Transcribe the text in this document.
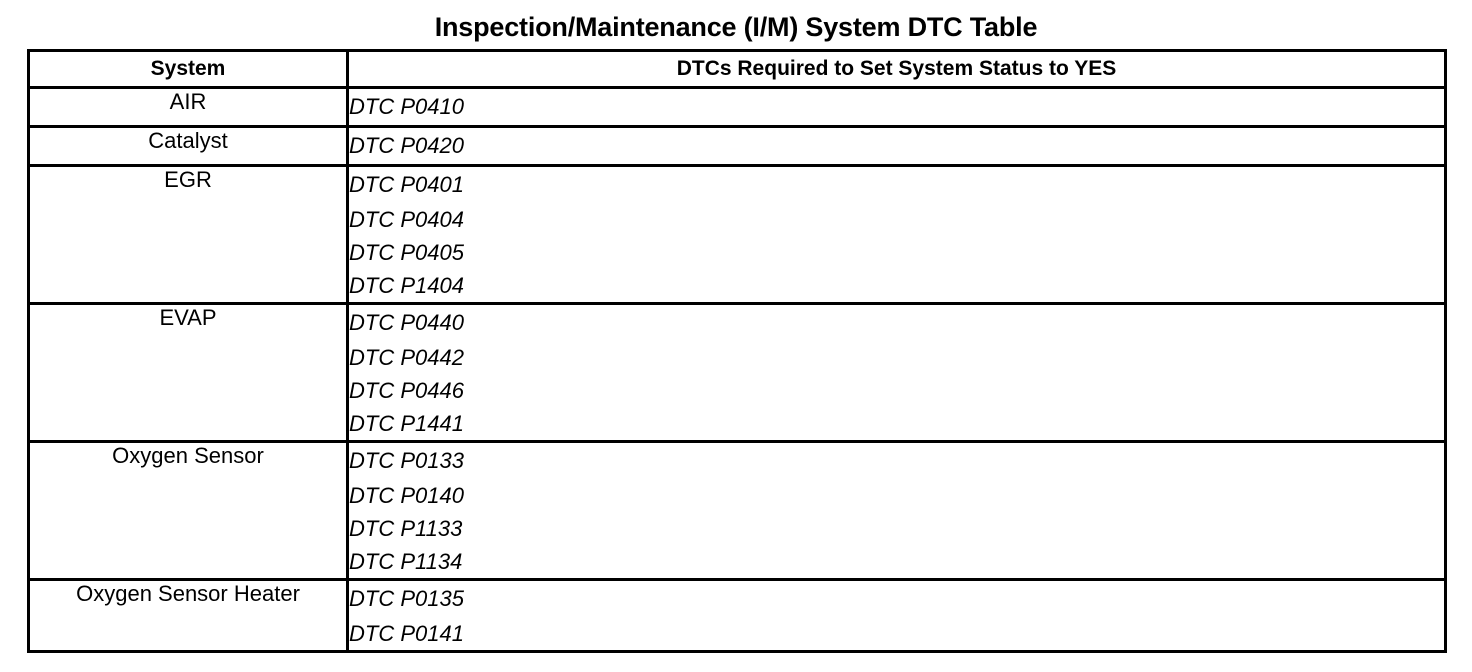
Inspection/Maintenance (I/M) System DTC Table
System	DTCs Required to Set System Status to YES
AIR	DTC P0410

Catalyst	DTC P0420

EGR	DTC P0401
DTC P0404
DTC P0405
DTC P1404

EVAP	DTC P0440
DTC P0442
DTC P0446
DTC P1441

Oxygen Sensor	DTC P0133
DTC P0140
DTC P1133
DTC P1134

Oxygen Sensor Heater	DTC P0135
DTC P0141
